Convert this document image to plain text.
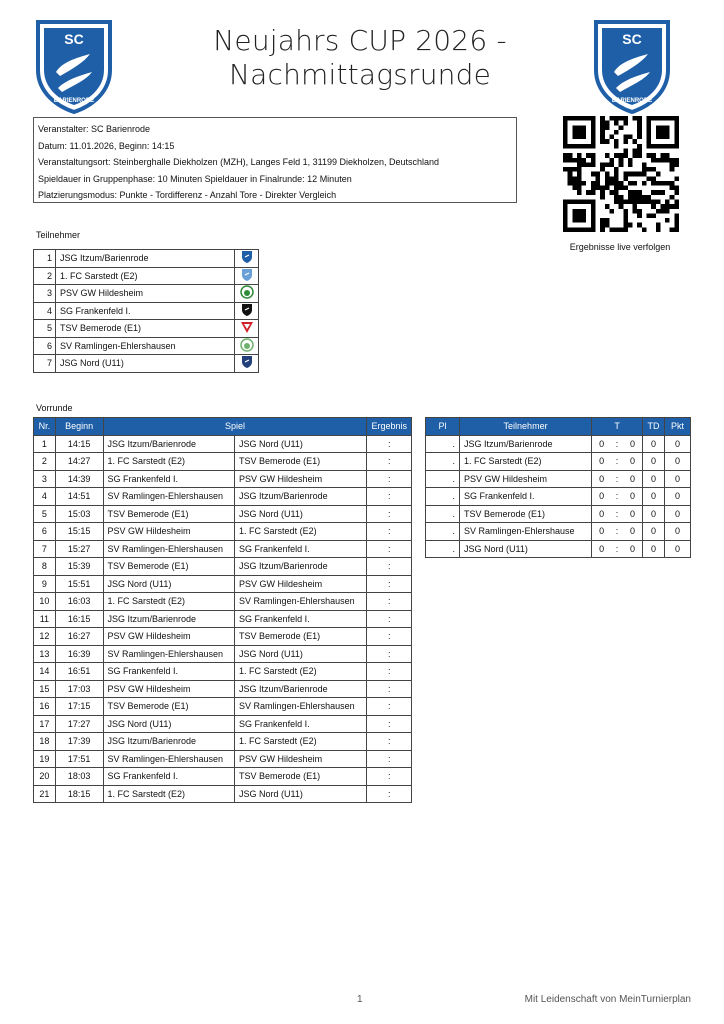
SC
BARIENRODE
SC
BARIENRODE
Neujahrs CUP 2026 -
Nachmittagsrunde
Veranstalter: SC Barienrode
Datum: 11.01.2026, Beginn: 14:15
Veranstaltungsort: Steinberghalle Diekholzen (MZH), Langes Feld 1, 31199 Diekholzen, Deutschland
Spieldauer in Gruppenphase: 10 Minuten Spieldauer in Finalrunde: 12 Minuten
Platzierungsmodus: Punkte - Tordifferenz - Anzahl Tore - Direkter Vergleich
Ergebnisse live verfolgen
Teilnehmer
1	JSG Itzum/Barienrode	
2	1. FC Sarstedt (E2)	
3	PSV GW Hildesheim	
4	SG Frankenfeld I.	
5	TSV Bemerode (E1)	
6	SV Ramlingen-Ehlershausen	
7	JSG Nord (U11)	
Vorrunde
Nr.	Beginn	Spiel		Ergebnis
1	14:15	JSG Itzum/Barienrode	JSG Nord (U11)	:
2	14:27	1. FC Sarstedt (E2)	TSV Bemerode (E1)	:
3	14:39	SG Frankenfeld I.	PSV GW Hildesheim	:
4	14:51	SV Ramlingen-Ehlershausen	JSG Itzum/Barienrode	:
5	15:03	TSV Bemerode (E1)	JSG Nord (U11)	:
6	15:15	PSV GW Hildesheim	1. FC Sarstedt (E2)	:
7	15:27	SV Ramlingen-Ehlershausen	SG Frankenfeld I.	:
8	15:39	TSV Bemerode (E1)	JSG Itzum/Barienrode	:
9	15:51	JSG Nord (U11)	PSV GW Hildesheim	:
10	16:03	1. FC Sarstedt (E2)	SV Ramlingen-Ehlershausen	:
11	16:15	JSG Itzum/Barienrode	SG Frankenfeld I.	:
12	16:27	PSV GW Hildesheim	TSV Bemerode (E1)	:
13	16:39	SV Ramlingen-Ehlershausen	JSG Nord (U11)	:
14	16:51	SG Frankenfeld I.	1. FC Sarstedt (E2)	:
15	17:03	PSV GW Hildesheim	JSG Itzum/Barienrode	:
16	17:15	TSV Bemerode (E1)	SV Ramlingen-Ehlershausen	:
17	17:27	JSG Nord (U11)	SG Frankenfeld I.	:
18	17:39	JSG Itzum/Barienrode	1. FC Sarstedt (E2)	:
19	17:51	SV Ramlingen-Ehlershausen	PSV GW Hildesheim	:
20	18:03	SG Frankenfeld I.	TSV Bemerode (E1)	:
21	18:15	1. FC Sarstedt (E2)	JSG Nord (U11)	:
Pl	Teilnehmer	T			TD	Pkt
.	JSG Itzum/Barienrode	0	:	0	0	0
.	1. FC Sarstedt (E2)	0	:	0	0	0
.	PSV GW Hildesheim	0	:	0	0	0
.	SG Frankenfeld I.	0	:	0	0	0
.	TSV Bemerode (E1)	0	:	0	0	0
.	SV Ramlingen-Ehlershause	0	:	0	0	0
.	JSG Nord (U11)	0	:	0	0	0
1	Mit Leidenschaft von MeinTurnierplan
